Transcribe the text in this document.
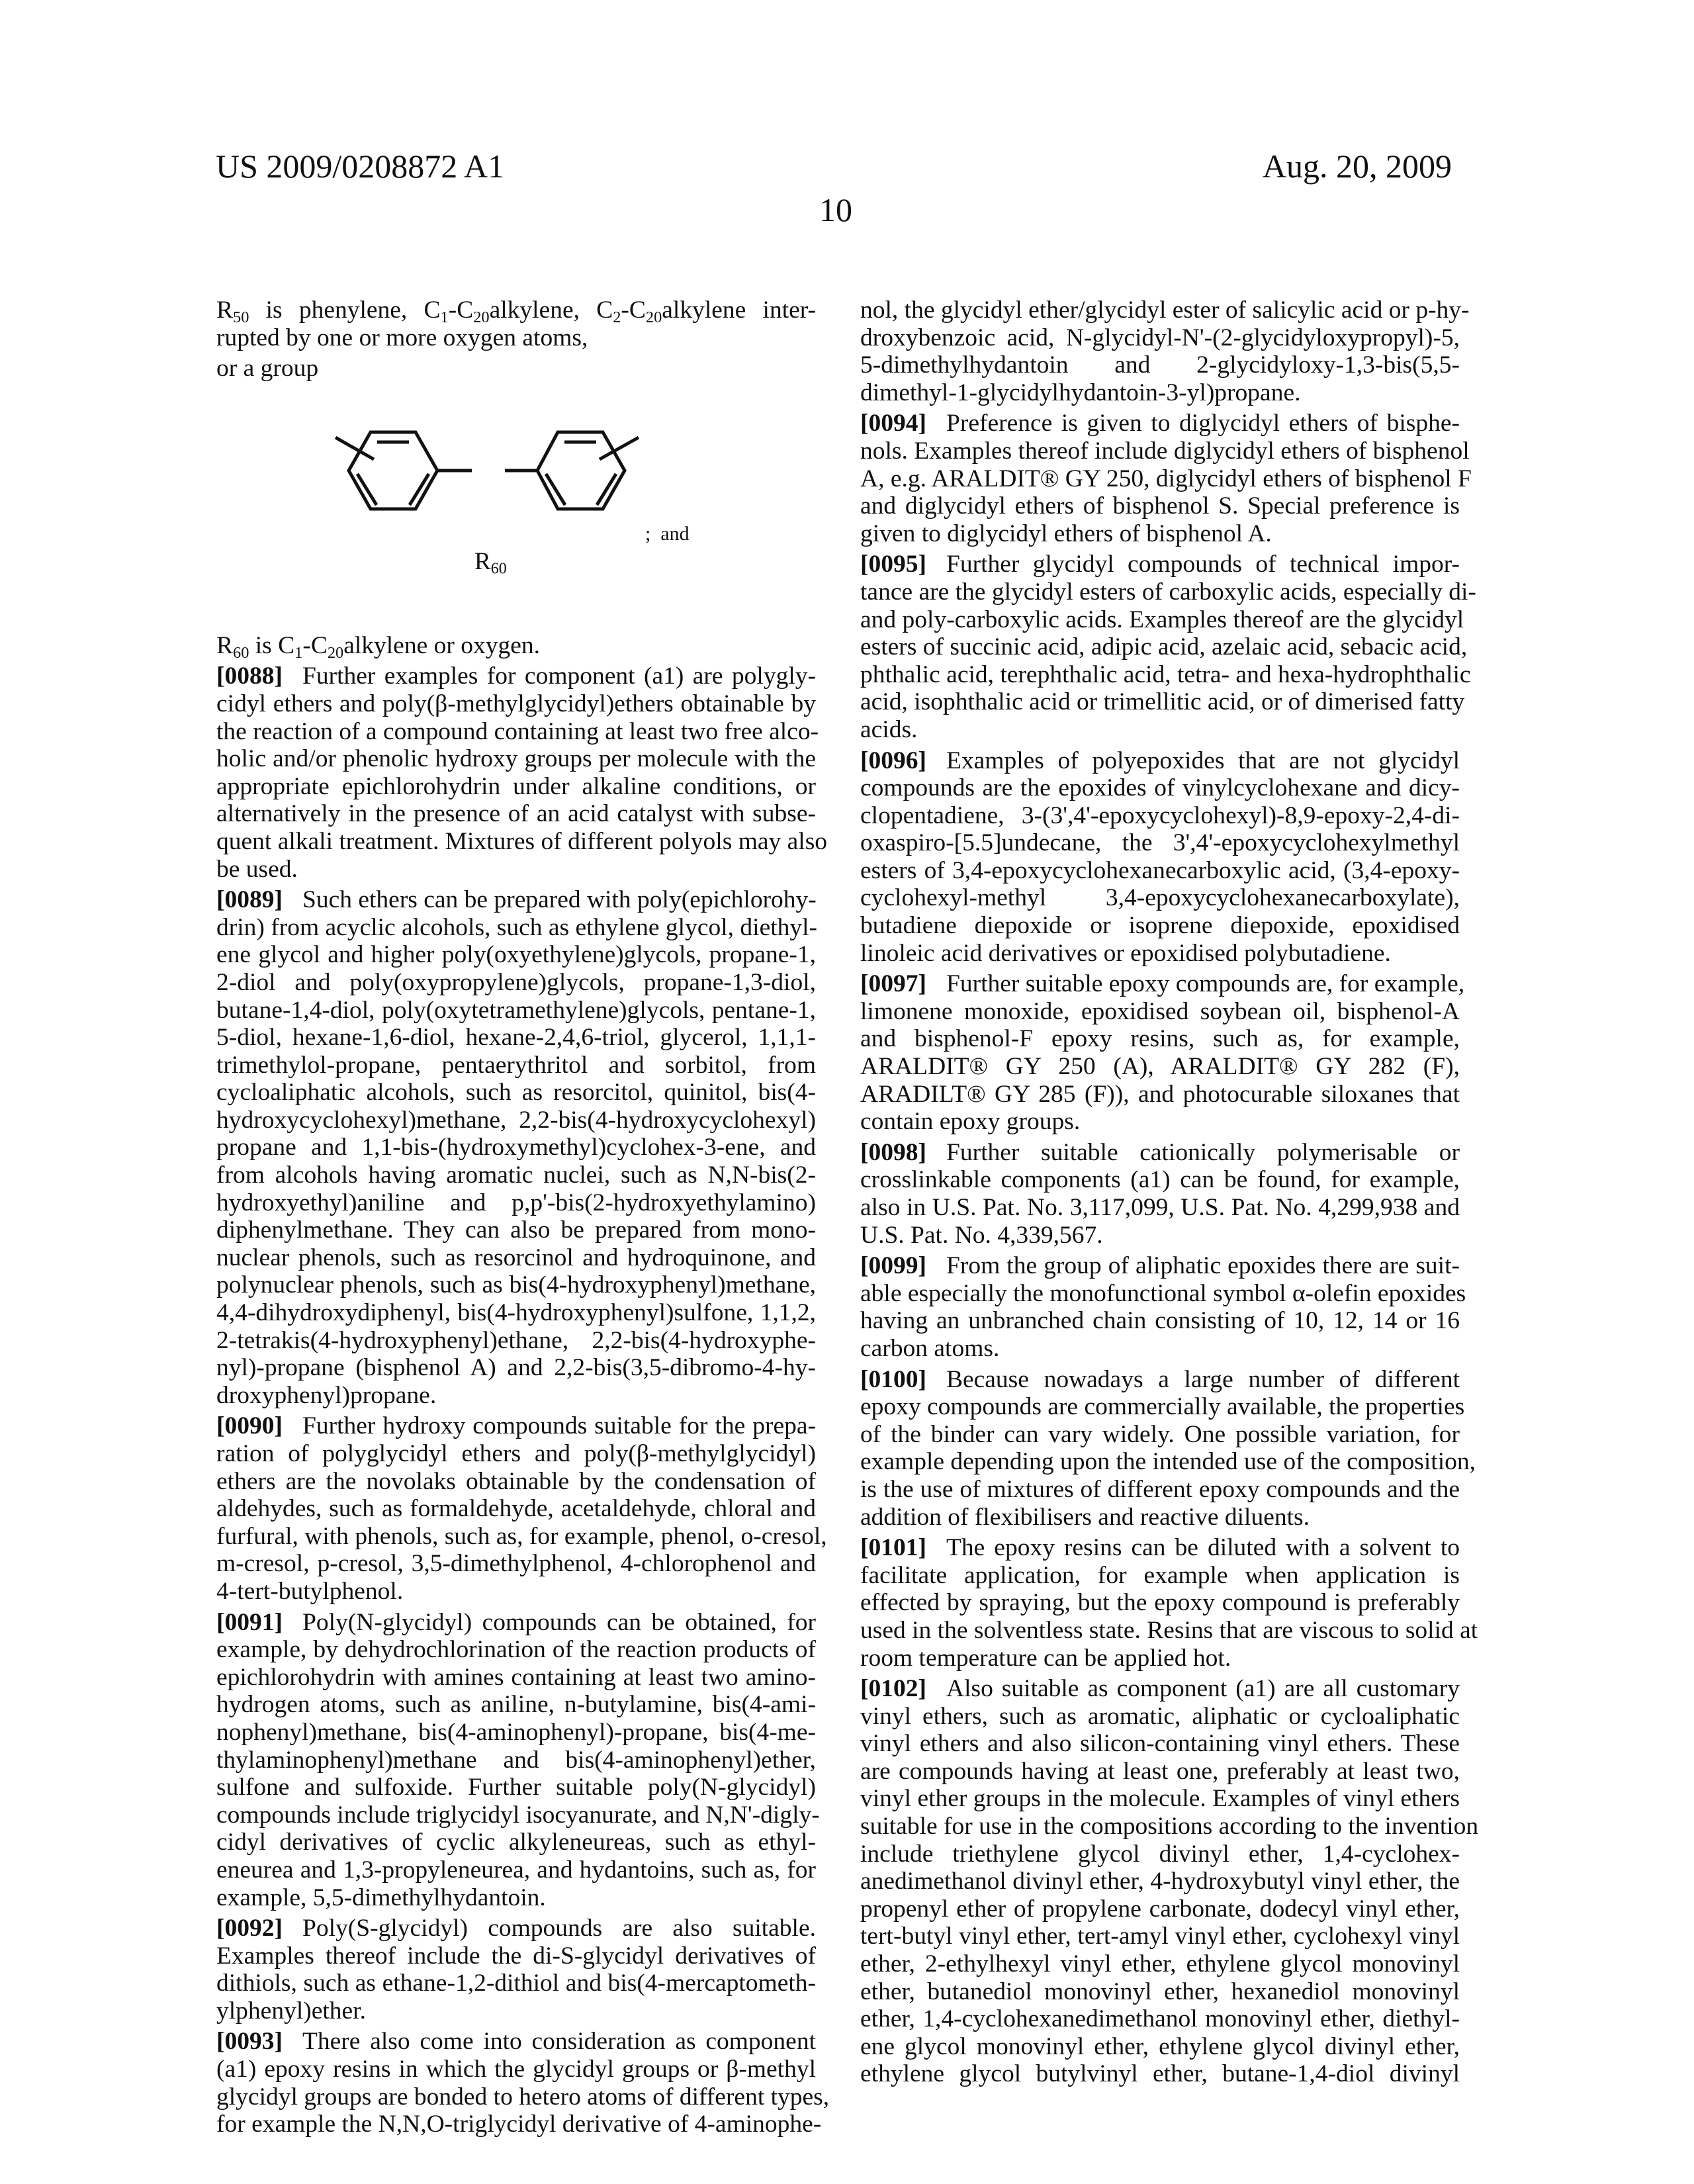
US 2009/0208872 A1	Aug. 20, 2009
10
$R_{50}$ is phenylene, $C_1-C_{20}alkylene$, $C_2-C_{20}alkylene$ inter-
rupted by one or more oxygen atoms,
or a group
$R_{60}$
;  and
$R_{60}$ is $C_1-C_{20}alkylene$ or oxygen.
[0088] Further examples for component (a1) are polygly-
cidyl ethers and poly(β-methylglycidyl)ethers obtainable by
the reaction of a compound containing at least two free alco-
holic and/or phenolic hydroxy groups per molecule with the
appropriate epichlorohydrin under alkaline conditions, or
alternatively in the presence of an acid catalyst with subse-
quent alkali treatment. Mixtures of different polyols may also
be used.
[0089] Such ethers can be prepared with poly(epichlorohy-
drin) from acyclic alcohols, such as ethylene glycol, diethyl-
ene glycol and higher poly(oxyethylene)glycols, propane-1,
2-diol and poly(oxypropylene)glycols, propane-1,3-diol,
butane-1,4-diol, poly(oxytetramethylene)glycols, pentane-1,
5-diol, hexane-1,6-diol, hexane-2,4,6-triol, glycerol, 1,1,1-
trimethylol-propane, pentaerythritol and sorbitol, from
cycloaliphatic alcohols, such as resorcitol, quinitol, bis(4-
hydroxycyclohexyl)methane, 2,2-bis(4-hydroxycyclohexyl)
propane and 1,1-bis-(hydroxymethyl)cyclohex-3-ene, and
from alcohols having aromatic nuclei, such as N,N-bis(2-
hydroxyethyl)aniline and p,p'-bis(2-hydroxyethylamino)
diphenylmethane. They can also be prepared from mono-
nuclear phenols, such as resorcinol and hydroquinone, and
polynuclear phenols, such as bis(4-hydroxyphenyl)methane,
4,4-dihydroxydiphenyl, bis(4-hydroxyphenyl)sulfone, 1,1,2,
2-tetrakis(4-hydroxyphenyl)ethane, 2,2-bis(4-hydroxyphe-
nyl)-propane (bisphenol A) and 2,2-bis(3,5-dibromo-4-hy-
droxyphenyl)propane.
[0090] Further hydroxy compounds suitable for the prepa-
ration of polyglycidyl ethers and poly(β-methylglycidyl)
ethers are the novolaks obtainable by the condensation of
aldehydes, such as formaldehyde, acetaldehyde, chloral and
furfural, with phenols, such as, for example, phenol, o-cresol,
m-cresol, p-cresol, 3,5-dimethylphenol, 4-chlorophenol and
4-tert-butylphenol.
[0091] Poly(N-glycidyl) compounds can be obtained, for
example, by dehydrochlorination of the reaction products of
epichlorohydrin with amines containing at least two amino-
hydrogen atoms, such as aniline, n-butylamine, bis(4-ami-
nophenyl)methane, bis(4-aminophenyl)-propane, bis(4-me-
thylaminophenyl)methane and bis(4-aminophenyl)ether,
sulfone and sulfoxide. Further suitable poly(N-glycidyl)
compounds include triglycidyl isocyanurate, and N,N'-digly-
cidyl derivatives of cyclic alkyleneureas, such as ethyl-
eneurea and 1,3-propyleneurea, and hydantoins, such as, for
example, 5,5-dimethylhydantoin.
[0092] Poly(S-glycidyl) compounds are also suitable.
Examples thereof include the di-S-glycidyl derivatives of
dithiols, such as ethane-1,2-dithiol and bis(4-mercaptometh-
ylphenyl)ether.
[0093] There also come into consideration as component
(a1) epoxy resins in which the glycidyl groups or β-methyl
glycidyl groups are bonded to hetero atoms of different types,
for example the N,N,O-triglycidyl derivative of 4-aminophe-
nol, the glycidyl ether/glycidyl ester of salicylic acid or p-hy-
droxybenzoic acid, N-glycidyl-N'-(2-glycidyloxypropyl)-5,
5-dimethylhydantoin and 2-glycidyloxy-1,3-bis(5,5-
dimethyl-1-glycidylhydantoin-3-yl)propane.
[0094] Preference is given to diglycidyl ethers of bisphe-
nols. Examples thereof include diglycidyl ethers of bisphenol
A, e.g. ARALDIT® GY 250, diglycidyl ethers of bisphenol F
and diglycidyl ethers of bisphenol S. Special preference is
given to diglycidyl ethers of bisphenol A.
[0095] Further glycidyl compounds of technical impor-
tance are the glycidyl esters of carboxylic acids, especially di-
and poly-carboxylic acids. Examples thereof are the glycidyl
esters of succinic acid, adipic acid, azelaic acid, sebacic acid,
phthalic acid, terephthalic acid, tetra- and hexa-hydrophthalic
acid, isophthalic acid or trimellitic acid, or of dimerised fatty
acids.
[0096] Examples of polyepoxides that are not glycidyl
compounds are the epoxides of vinylcyclohexane and dicy-
clopentadiene, 3-(3',4'-epoxycyclohexyl)-8,9-epoxy-2,4-di-
oxaspiro-[5.5]undecane, the 3',4'-epoxycyclohexylmethyl
esters of 3,4-epoxycyclohexanecarboxylic acid, (3,4-epoxy-
cyclohexyl-methyl 3,4-epoxycyclohexanecarboxylate),
butadiene diepoxide or isoprene diepoxide, epoxidised
linoleic acid derivatives or epoxidised polybutadiene.
[0097] Further suitable epoxy compounds are, for example,
limonene monoxide, epoxidised soybean oil, bisphenol-A
and bisphenol-F epoxy resins, such as, for example,
ARALDIT® GY 250 (A), ARALDIT® GY 282 (F),
ARADILT® GY 285 (F)), and photocurable siloxanes that
contain epoxy groups.
[0098] Further suitable cationically polymerisable or
crosslinkable components (a1) can be found, for example,
also in U.S. Pat. No. 3,117,099, U.S. Pat. No. 4,299,938 and
U.S. Pat. No. 4,339,567.
[0099] From the group of aliphatic epoxides there are suit-
able especially the monofunctional symbol α-olefin epoxides
having an unbranched chain consisting of 10, 12, 14 or 16
carbon atoms.
[0100] Because nowadays a large number of different
epoxy compounds are commercially available, the properties
of the binder can vary widely. One possible variation, for
example depending upon the intended use of the composition,
is the use of mixtures of different epoxy compounds and the
addition of flexibilisers and reactive diluents.
[0101] The epoxy resins can be diluted with a solvent to
facilitate application, for example when application is
effected by spraying, but the epoxy compound is preferably
used in the solventless state. Resins that are viscous to solid at
room temperature can be applied hot.
[0102] Also suitable as component (a1) are all customary
vinyl ethers, such as aromatic, aliphatic or cycloaliphatic
vinyl ethers and also silicon-containing vinyl ethers. These
are compounds having at least one, preferably at least two,
vinyl ether groups in the molecule. Examples of vinyl ethers
suitable for use in the compositions according to the invention
include triethylene glycol divinyl ether, 1,4-cyclohex-
anedimethanol divinyl ether, 4-hydroxybutyl vinyl ether, the
propenyl ether of propylene carbonate, dodecyl vinyl ether,
tert-butyl vinyl ether, tert-amyl vinyl ether, cyclohexyl vinyl
ether, 2-ethylhexyl vinyl ether, ethylene glycol monovinyl
ether, butanediol monovinyl ether, hexanediol monovinyl
ether, 1,4-cyclohexanedimethanol monovinyl ether, diethyl-
ene glycol monovinyl ether, ethylene glycol divinyl ether,
ethylene glycol butylvinyl ether, butane-1,4-diol divinyl
